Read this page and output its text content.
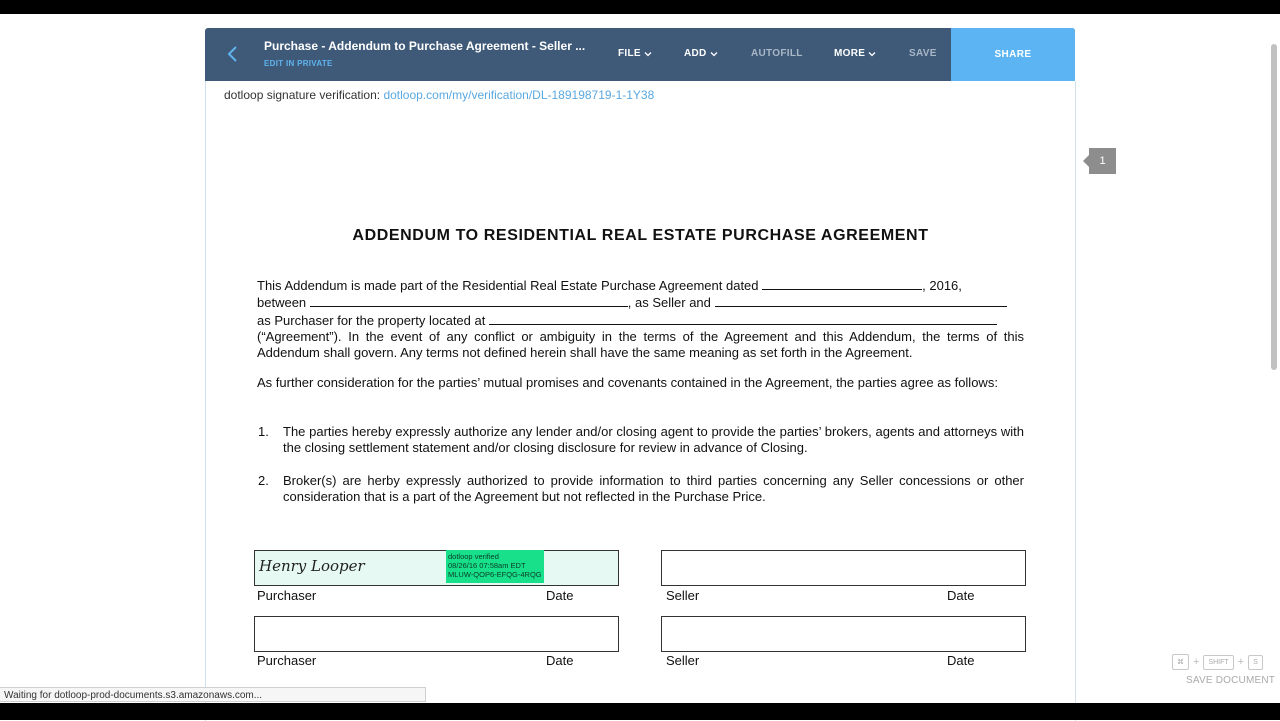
Purchase - Addendum to Purchase Agreement - Seller ...
EDIT IN PRIVATE
FILE	ADD	AUTOFILL	MORE	SAVE	SHARE
dotloop signature verification: dotloop.com/my/verification/DL-189198719-1-1Y38
ADDENDUM TO RESIDENTIAL REAL ESTATE PURCHASE AGREEMENT
This Addendum is made part of the Residential Real Estate Purchase Agreement dated	, 2016,
between	, as Seller and
as Purchaser for the property located at
(“Agreement”). In the event of any conflict or ambiguity in the terms of the Agreement and this Addendum, the terms of this Addendum shall govern. Any terms not defined herein shall have the same meaning as set forth in the Agreement.
As further consideration for the parties’ mutual promises and covenants contained in the Agreement, the parties agree as follows:
1. The parties hereby expressly authorize any lender and/or closing agent to provide the parties’ brokers, agents and attorneys with the closing settlement statement and/or closing disclosure for review in advance of Closing.
2. Broker(s) are herby expressly authorized to provide information to third parties concerning any Seller concessions or other consideration that is a part of the Agreement but not reflected in the Purchase Price.
Henry Looper
dotloop verified
08/26/16 07:58am EDT
MLUW-QOP6-EFQG-4RQG
Purchaser	Date	Seller	Date
Purchaser	Date	Seller	Date
1
⌘ +	SHIFT +	S
SAVE DOCUMENT
Waiting for dotloop-prod-documents.s3.amazonaws.com...
